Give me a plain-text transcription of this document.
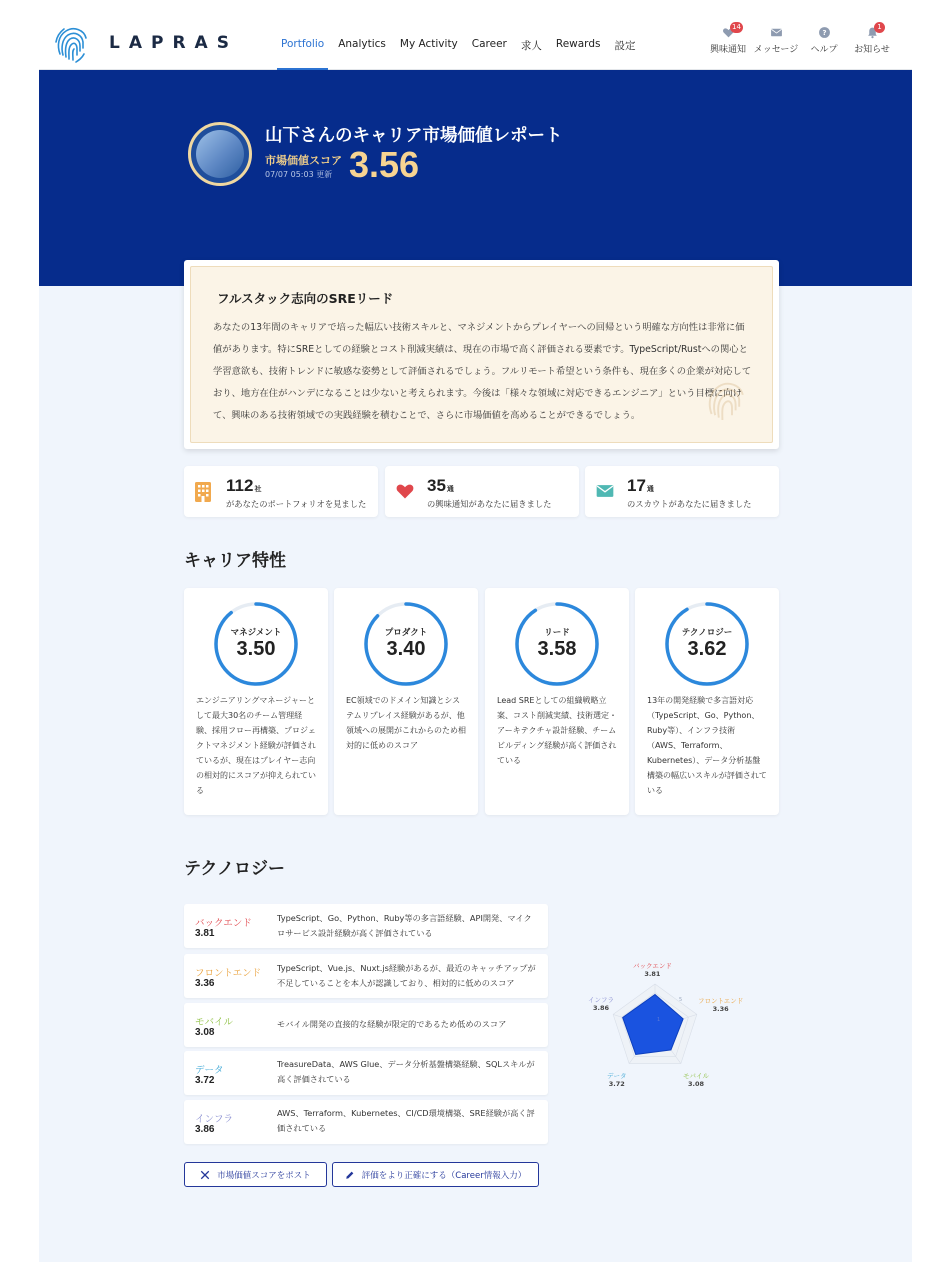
LAPRAS	Portfolio Analytics My Activity Career 求人 Rewards 設定
14
興味通知 メッセージ
?
ヘルプ
1
お知らせ
山下さんのキャリア市場価値レポート
市場価値スコア
07/07 05:03 更新 3.56
フルスタック志向のSREリード
あなたの13年間のキャリアで培った幅広い技術スキルと、マネジメントからプレイヤーへの回帰という明確な方向性は非常に価値があります。特にSREとしての経験とコスト削減実績は、現在の市場で高く評価される要素です。TypeScript/Rustへの関心と学習意欲も、技術トレンドに敏感な姿勢として評価されるでしょう。フルリモート希望という条件も、現在多くの企業が対応しており、地方在住がハンデになることは少ないと考えられます。今後は「様々な領域に対応できるエンジニア」という目標に向けて、興味のある技術領域での実践経験を積むことで、さらに市場価値を高めることができるでしょう。
112社
があなたのポートフォリオを見ました
35通
の興味通知があなたに届きました
17通
のスカウトがあなたに届きました
キャリア特性
マネジメント
3.50
エンジニアリングマネージャーとして最大30名のチーム管理経験、採用フロー再構築、プロジェクトマネジメント経験が評価されているが、現在はプレイヤー志向の相対的にスコアが抑えられている
プロダクト
3.40
EC領域でのドメイン知識とシステムリプレイス経験があるが、他領域への展開がこれからのため相対的に低めのスコア
リード
3.58
Lead SREとしての組織戦略立案、コスト削減実績、技術選定・アーキテクチャ設計経験、チームビルディング経験が高く評価されている
テクノロジー
3.62
13年の開発経験で多言語対応（TypeScript、Go、Python、Ruby等）、インフラ技術（AWS、Terraform、Kubernetes）、データ分析基盤構築の幅広いスキルが評価されている
テクノロジー
バックエンド
3.81
TypeScript、Go、Python、Ruby等の多言語経験、API開発、マイクロサービス設計経験が高く評価されている
フロントエンド
3.36
TypeScript、Vue.js、Nuxt.js経験があるが、最近のキャッチアップが不足していることを本人が認識しており、相対的に低めのスコア
モバイル
3.08
モバイル開発の直接的な経験が限定的であるため低めのスコア
データ
3.72
TreasureData、AWS Glue、データ分析基盤構築経験、SQLスキルが高く評価されている
インフラ
3.86
AWS、Terraform、Kubernetes、CI/CD環境構築、SRE経験が高く評価されている
1
5
バックエンド
3.81
フロントエンド
3.36
モバイル
3.08
データ
3.72
インフラ
3.86
市場価値スコアをポスト	評価をより正確にする（Career情報入力）
